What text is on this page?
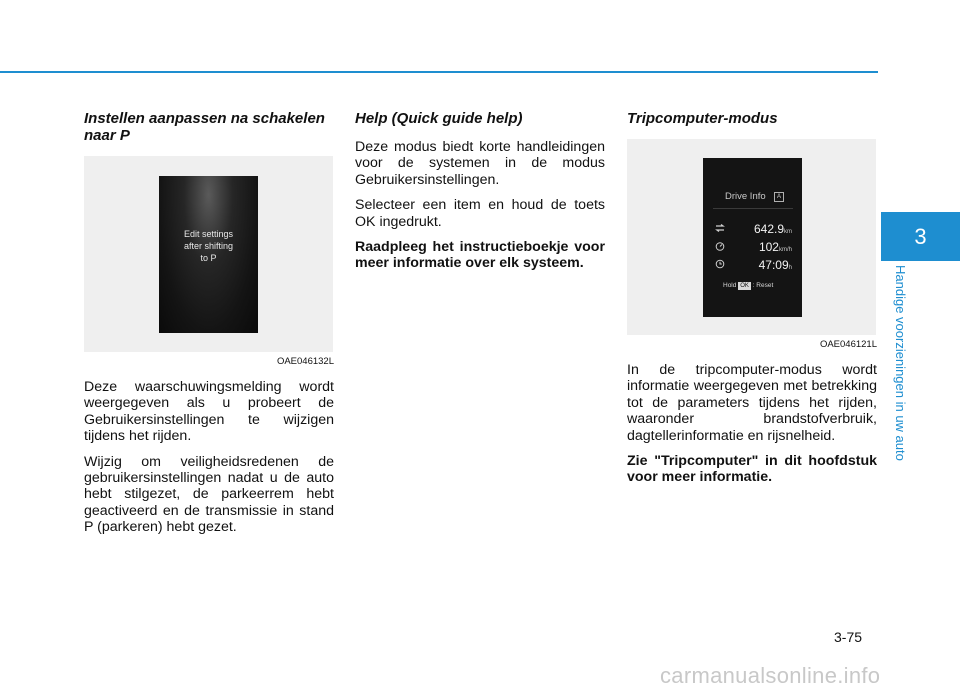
Instellen aanpassen na schakelen naar P
Edit settings
after shifting
to P
OAE046132L

Deze waarschuwingsmelding wordt weergegeven als u probeert de Gebruikersinstellingen te wijzigen tijdens het rijden.

Wijzig om veiligheidsredenen de gebruikersinstellingen nadat u de auto hebt stilgezet, de parkeerrem hebt geactiveerd en de transmissie in stand P (parkeren) hebt gezet.

Help (Quick guide help)

Deze modus biedt korte handleidingen voor de systemen in de modus Gebruikersinstellingen.

Selecteer een item en houd de toets OK ingedrukt.

Raadpleeg het instructieboekje voor meer informatie over elk systeem.

Tripcomputer-modus
Drive Info	A
642.9km
102km/h
47:09h
Hold OK : Reset
OAE046121L

In de tripcomputer-modus wordt informatie weergegeven met betrekking tot de parameters tijdens het rijden, waaronder brandstofverbruik, dagtellerinformatie en rijsnelheid.

Zie "Tripcomputer" in dit hoofdstuk voor meer informatie.

3
Handige voorzieningen in uw auto
3-75
carmanualsonline.info
